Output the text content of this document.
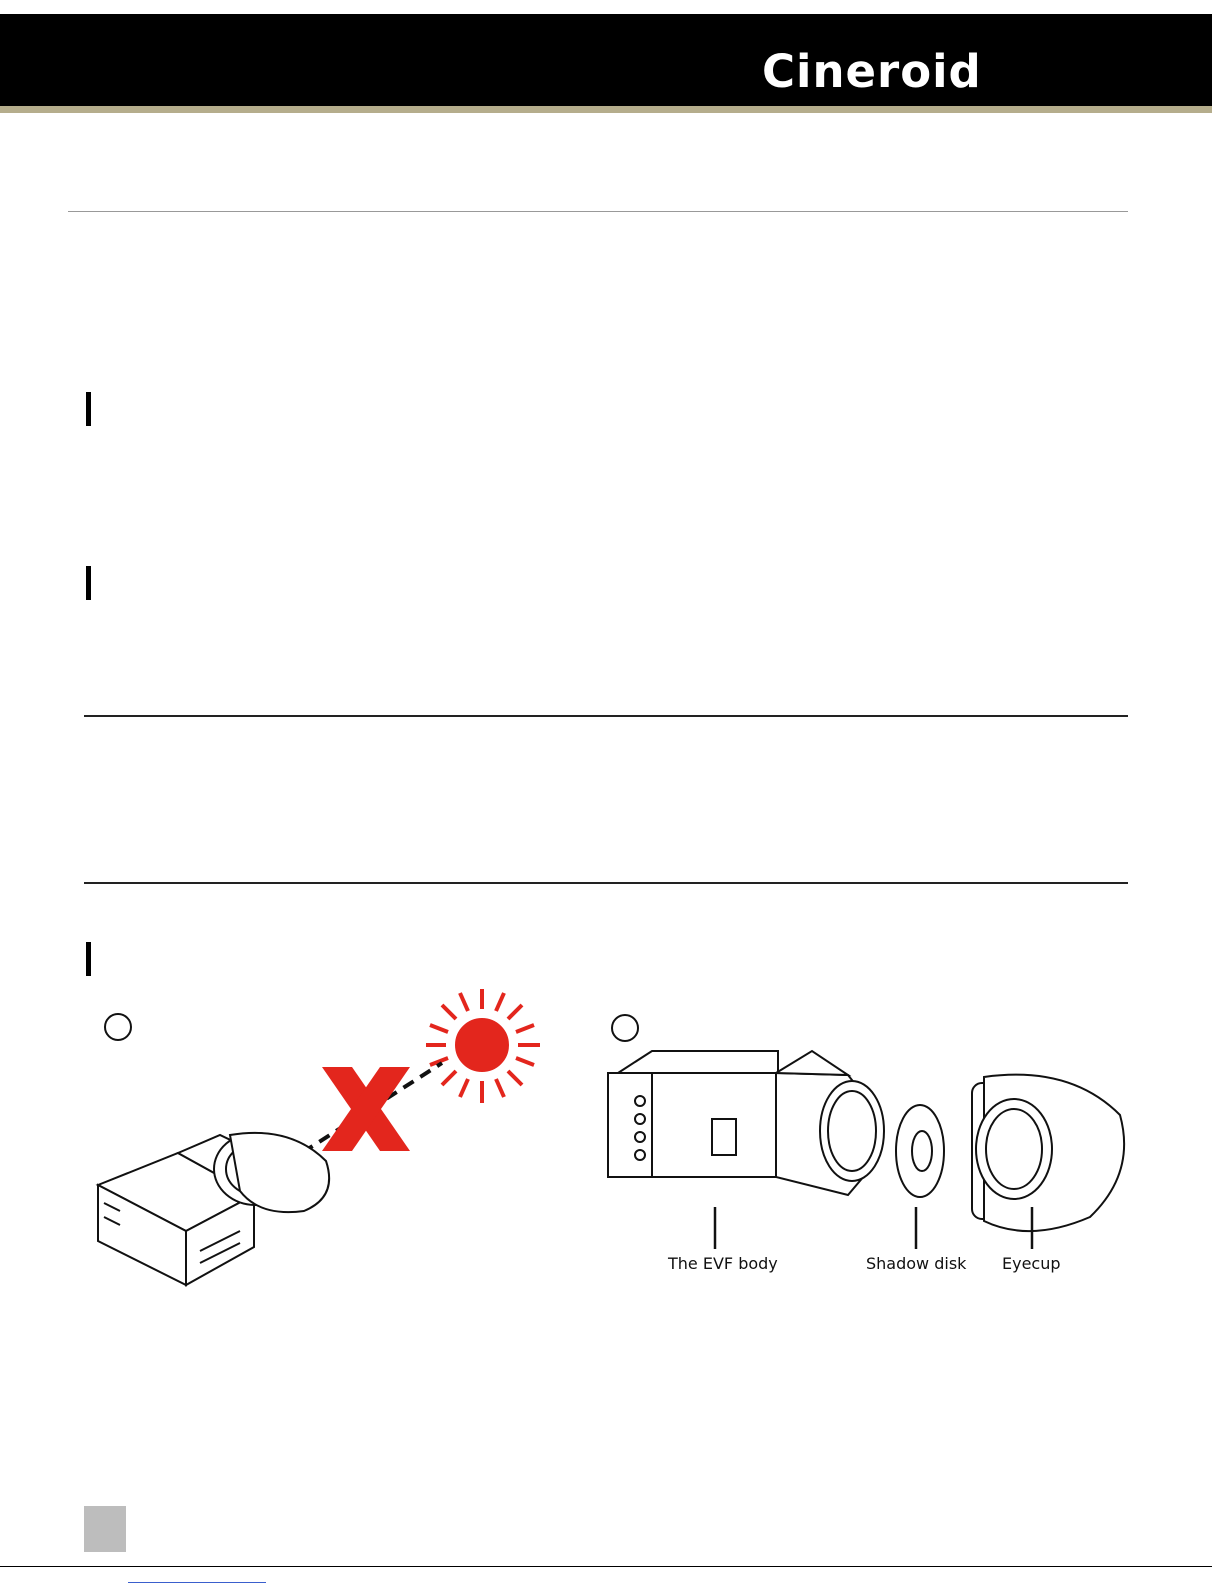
Cineroid
The EVF body	Shadow disk Eyecup
